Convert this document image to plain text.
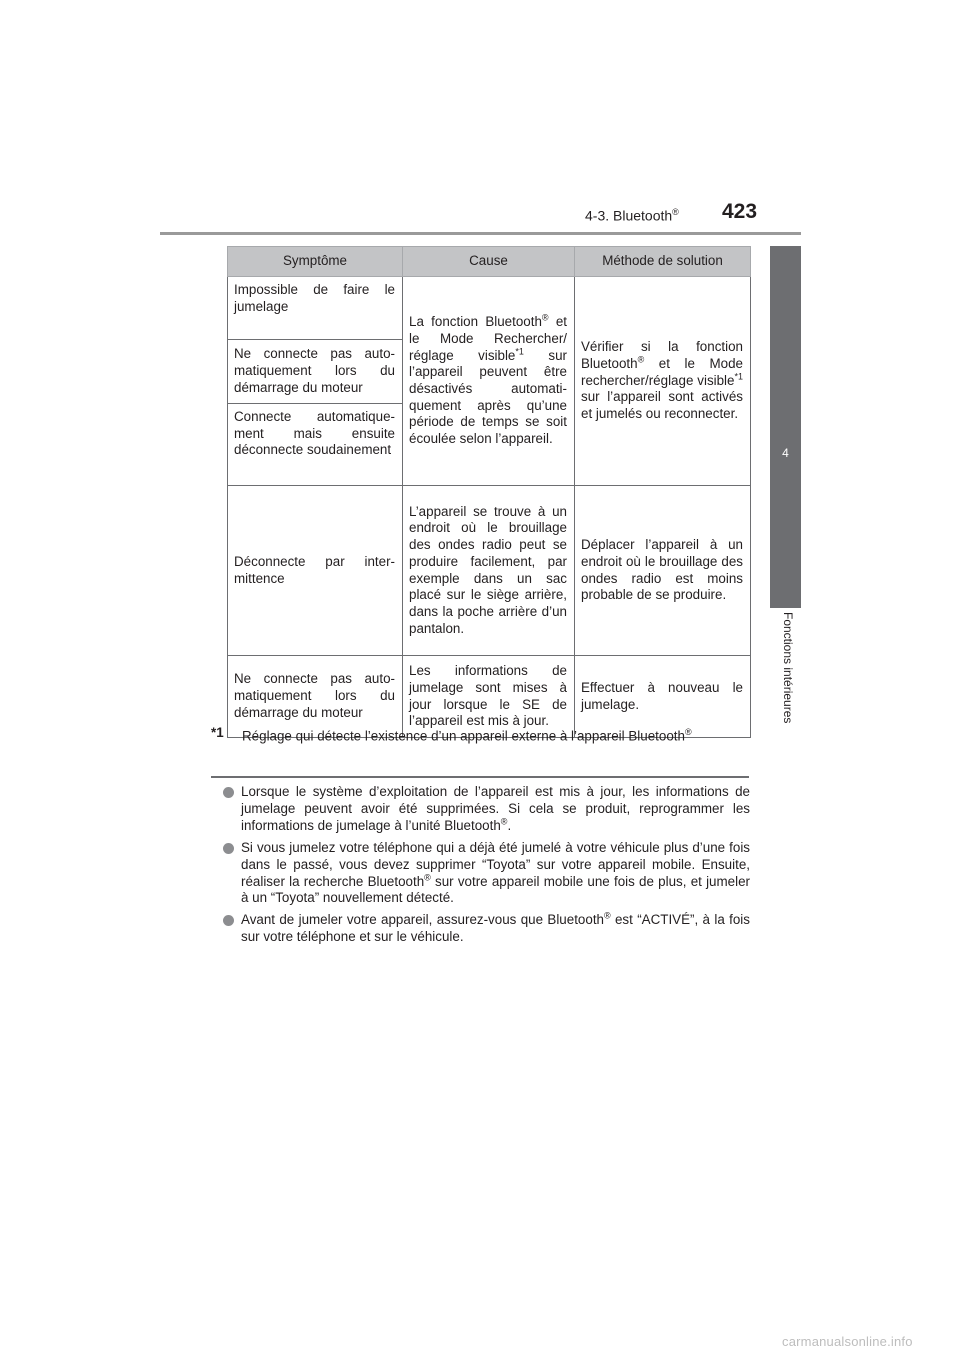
4-3. Bluetooth® 423
4
Fonctions intérieures
Symptôme	Cause	Méthode de solution
Impossible de faire le jumelage	La fonction Bluetooth® et le Mode Rechercher/ réglage visible$^{*1}$ sur l’appareil peuvent être désactivés automatiquement après qu’une période de temps se soit écoulée selon l’appareil.	Vérifier si la fonction Bluetooth® et le Mode rechercher/réglage visible$^{*1}$ sur l’appareil sont activés et jumelés ou reconnecter.
Ne connecte pas automatiquement lors du démarrage du moteur		
Connecte automatiquement mais ensuite déconnecte soudainement		
Déconnecte par intermittence	L’appareil se trouve à un endroit où le brouillage des ondes radio peut se produire facilement, par exemple dans un sac placé sur le siège arrière, dans la poche arrière d’un pantalon.	Déplacer l’appareil à un endroit où le brouillage des ondes radio est moins probable de se produire.
Ne connecte pas automatiquement lors du démarrage du moteur	Les informations de jumelage sont mises à jour lorsque le SE de l’appareil est mis à jour.	Effectuer à nouveau le jumelage.
*1 Réglage qui détecte l’existence d’un appareil externe à l’appareil Bluetooth®
Lorsque le système d’exploitation de l’appareil est mis à jour, les informations de jumelage peuvent avoir été supprimées. Si cela se produit, reprogrammer les informations de jumelage à l’unité Bluetooth®.
Si vous jumelez votre téléphone qui a déjà été jumelé à votre véhicule plus d’une fois dans le passé, vous devez supprimer “Toyota” sur votre appareil mobile. Ensuite, réaliser la recherche Bluetooth® sur votre appareil mobile une fois de plus, et jumeler à un “Toyota” nouvellement détecté.
Avant de jumeler votre appareil, assurez-vous que Bluetooth® est “ACTIVÉ”, à la fois sur votre téléphone et sur le véhicule.
carmanualsonline.info
